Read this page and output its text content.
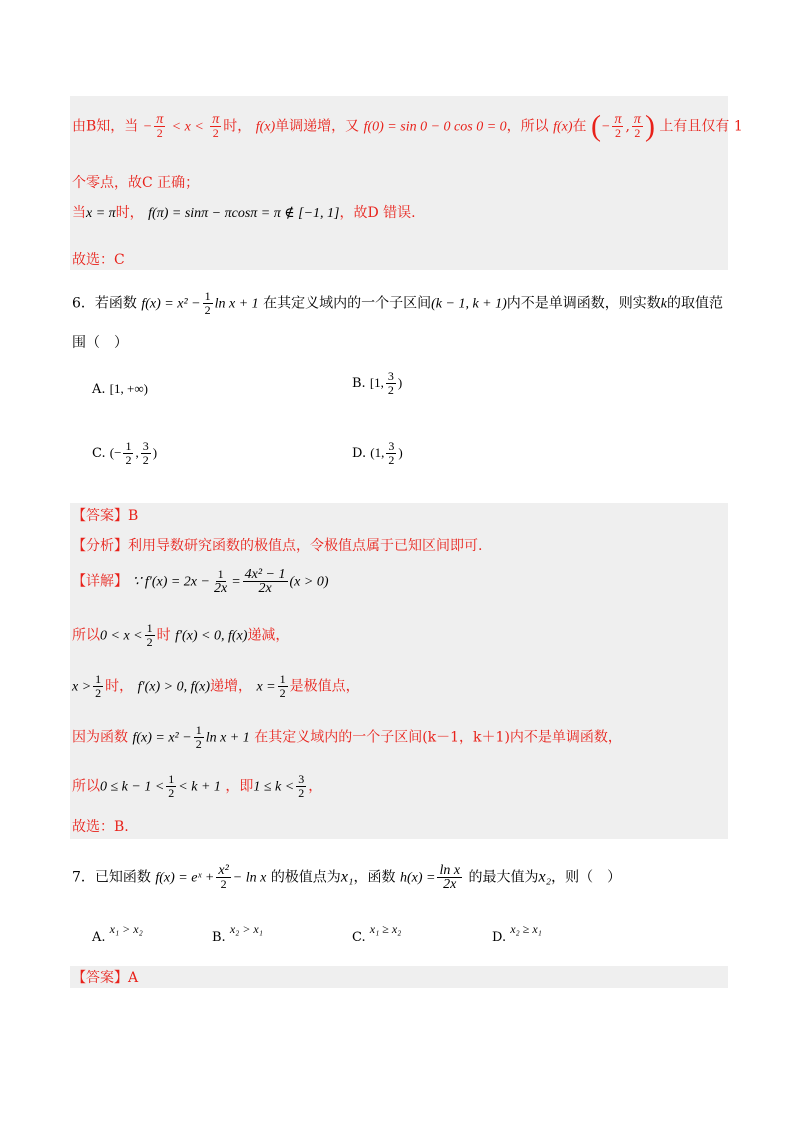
由B知，当 − $\frac{\pi}{2} < x < \frac{\pi}{2}$ 时， f(x)单调递增，又 f(0) = sin 0 − 0 cos 0 = 0，所以 f(x)在 (− $\frac{\pi}{2}$ , $\frac{\pi}{2}$ ) 上有且仅有 1
个零点，故C 正确；
当x = π时， f(π) = sinπ − πcosπ = π ∉ [−1, 1]，故D 错误.
故选：C
6．若函数 $f(x) = x^2 - \frac{1}{2}$ ln x + 1 在其定义域内的一个子区间(k − 1, k + 1)内不是单调函数，则实数k的取值范
围（　）
A. [1, +∞)	B. [1, $\frac{3}{2}$ )
C. (− $\frac{1}{2}$ , $\frac{3}{2}$ )	D. (1, $\frac{3}{2}$ )
【答案】B
【分析】利用导数研究函数的极值点，令极值点属于已知区间即可.
【详解】 ∵ $f'(x) = 2x - \frac{1}{2x} = \frac{\text{4x² − 1}}{2x} (x > 0)$
所以$0 < x < \frac{1}{2}$ 时 f′(x) < 0, f(x)递减，
$x > \frac{1}{2}$ 时， f′(x) > 0, f(x)递增， $x = \frac{1}{2}$ 是极值点，
因为函数 $f(x) = x^2 - \frac{1}{2}$ ln x + 1 在其定义域内的一个子区间(k－1，k＋1)内不是单调函数，
所以$0 \le k - 1 < \frac{1}{2} < k + 1$ ，即$1 \le k < \frac{3}{2}$ ，
故选：B.
7．已知函数 f(x) = eˣ + $\frac{\text{x²}}{2} - \ln x$ 的极值点为x₁，函数 $h(x) = \frac{\text{ln x}}{2x}$ 的最大值为x₂，则（　）
A. x₁ > x₂
B. x₂ > x₁
C. x₁ ≥ x₂
D. x₂ ≥ x₁
【答案】A
